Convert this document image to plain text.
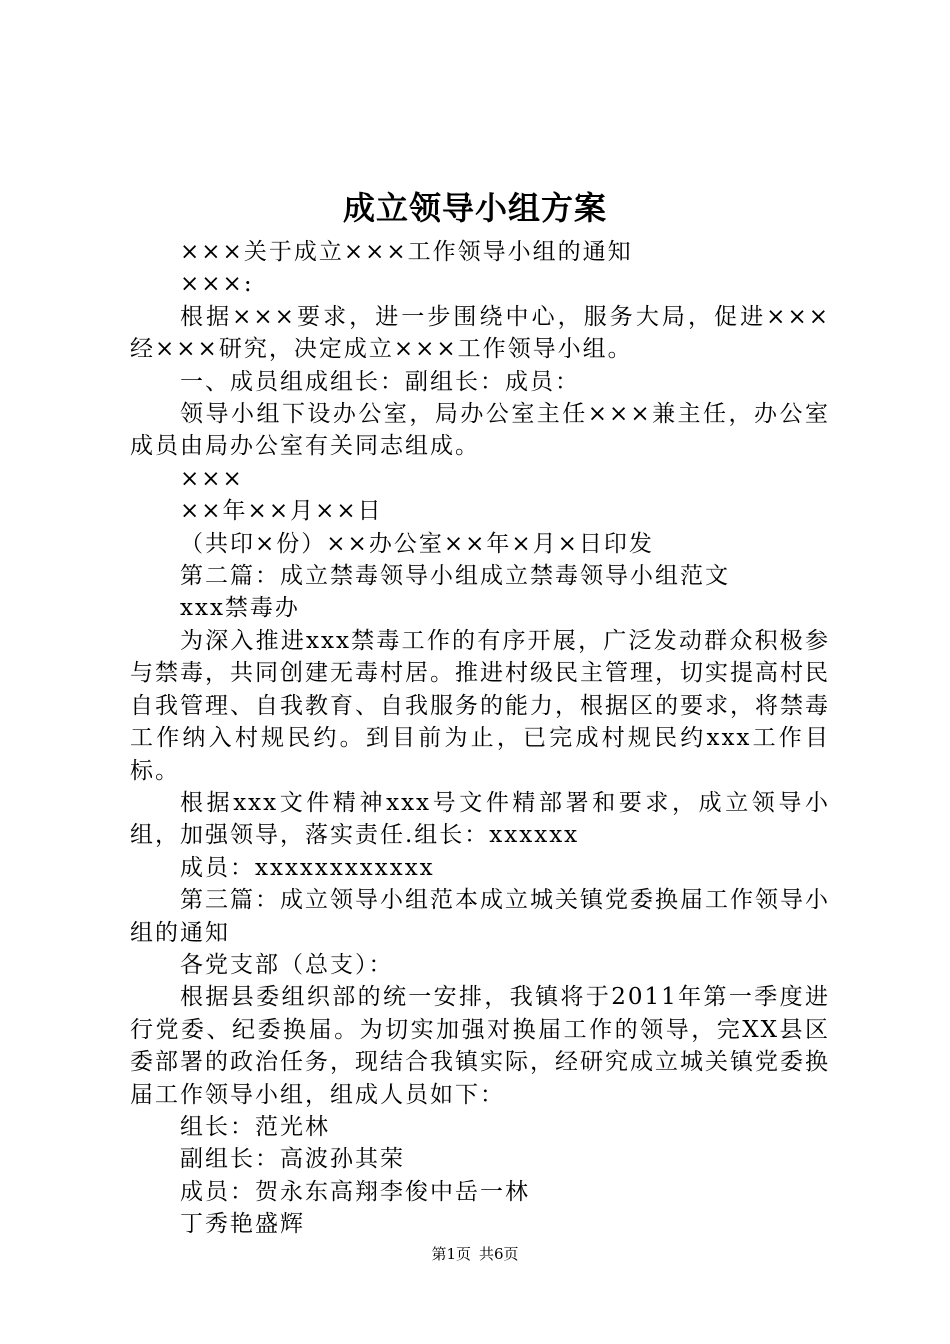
成立领导小组方案

×××关于成立×××工作领导小组的通知

×××:

根据×××要求，进一步围绕中心，服务大局，促进×××经×××研究，决定成立×××工作领导小组。

一、成员组成组长：副组长：成员：

领导小组下设办公室，局办公室主任×××兼主任，办公室成员由局办公室有关同志组成。

×××

××年××月××日

（共印×份）××办公室××年×月×日印发

第二篇：成立禁毒领导小组成立禁毒领导小组范文

xxx禁毒办

为深入推进xxx禁毒工作的有序开展，广泛发动群众积极参与禁毒，共同创建无毒村居。推进村级民主管理，切实提高村民自我管理、自我教育、自我服务的能力，根据区的要求，将禁毒工作纳入村规民约。到目前为止，已完成村规民约xxx工作目标。

根据xxx文件精神xxx号文件精部署和要求，成立领导小组，加强领导，落实责任.组长：xxxxxx

成员：xxxxxxxxxxxx

第三篇：成立领导小组范本成立城关镇党委换届工作领导小组的通知

各党支部（总支）：

根据县委组织部的统一安排，我镇将于2011年第一季度进行党委、纪委换届。为切实加强对换届工作的领导，完XX县区委部署的政治任务，现结合我镇实际，经研究成立城关镇党委换届工作领导小组，组成人员如下：

组长：范光林

副组长：高波孙其荣

成员：贺永东高翔李俊中岳一林

丁秀艳盛辉

第1页 共6页
